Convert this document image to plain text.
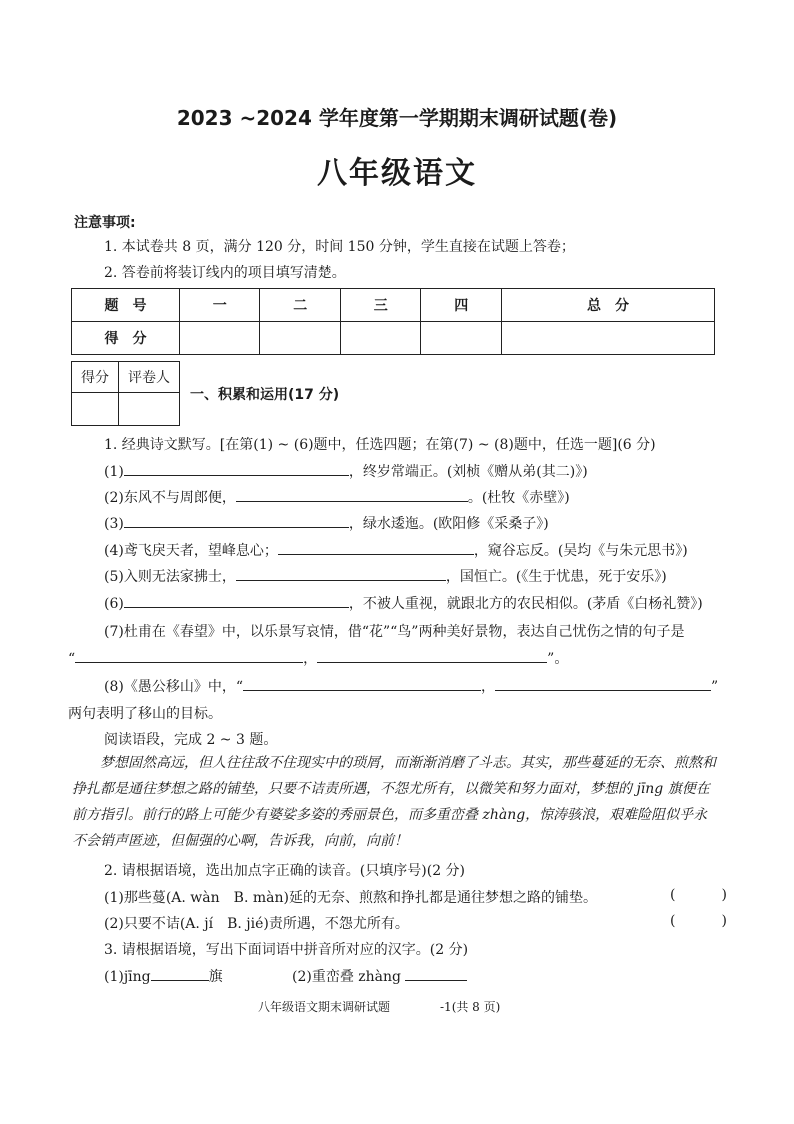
2023 ~2024 学年度第一学期期末调研试题(卷)
八年级语文
注意事项:
1. 本试卷共 8 页，满分 120 分，时间 150 分钟，学生直接在试题上答卷；
2. 答卷前将装订线内的项目填写清楚。
题　号	一	二	三	四	总　分
得　分					
得分	评卷人

一、积累和运用(17 分)
1. 经典诗文默写。[在第(1) ~ (6)题中，任选四题；在第(7) ~ (8)题中，任选一题](6 分)
(1)	，终岁常端正。(刘桢《赠从弟(其二)》)
(2)东风不与周郎便，	。(杜牧《赤壁》)
(3)	，绿水逶迤。(欧阳修《采桑子》)
(4)鸢飞戾天者，望峰息心；	，窥谷忘反。(吴均《与朱元思书》)
(5)入则无法家拂士，	，国恒亡。(《生于忧患，死于安乐》)
(6)	，不被人重视，就跟北方的农民相似。(茅盾《白杨礼赞》)
(7)杜甫在《春望》中，以乐景写哀情，借“花”“鸟”两种美好景物，表达自己忧伤之情的句子是
“	，	”。
(8)《愚公移山》中，“	，	”
两句表明了移山的目标。
阅读语段，完成 2 ~ 3 题。
梦想固然高远，但人往往敌不住现实中的琐屑，而渐渐消磨了斗志。其实，那些蔓延的无奈、煎熬和挣扎都是通往梦想之路的铺垫，只要不诘责所遇，不怨尤所有，以微笑和努力面对，梦想的 jīng 旗便在前方指引。前行的路上可能少有婆娑多姿的秀丽景色，而多重峦叠 zhàng，惊涛骇浪，艰难险阻似乎永不会销声匿迹，但倔强的心啊，告诉我，向前，向前！
2. 请根据语境，选出加点字正确的读音。(只填序号)(2 分)
(1)那些蔓(A. wàn　B. màn)延的无奈、煎熬和挣扎都是通往梦想之路的铺垫。	(	)
(2)只要不诘(A. jí　B. jié)责所遇，不怨尤所有。	(	)
3. 请根据语境，写出下面词语中拼音所对应的汉字。(2 分)
(1)jīng	旗	(2)重峦叠 zhàng
八年级语文期末调研试题	-1(共 8 页)
